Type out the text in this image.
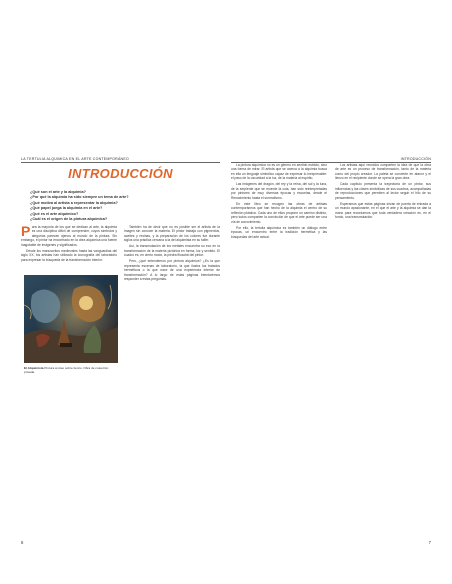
LA TERTULIA ALQUIMICA EN EL ARTE CONTEMPORÁNEO	INTRODUCCIÓN
INTRODUCCIÓN
¿Qué son el arte y la alquimia?
¿Por qué la alquimia ha sido siempre un tema de arte?
¿Qué motiva al artista a representar la alquimia?
¿Qué papel juega la alquimia en el arte?
¿Qué es el arte alquímico?
¿Cuál es el origen de la pintura alquímica?

Para la mayoría de los que se dedican al arte, la alquimia es una disciplina difícil de comprender, cuyos símbolos y alegorías parecen ajenos al mundo de la pintura. Sin embargo, el pintor ha encontrado en la obra alquímica una fuente inagotable de imágenes y significados.

Desde los manuscritos medievales hasta las vanguardias del siglo XX, los artistas han utilizado la iconografía del laboratorio para expresar la búsqueda de la transformación interior.

El Alquimista Pintura al óleo sobre lienzo. Obra de colección privada.

También ha de decir que no es posible ser el artista de la imagen sin conocer la materia. El pintor trabaja con pigmentos, aceites y resinas, y la preparación de los colores fue durante siglos una práctica cercana a la del alquimista en su taller.

Así, la transmutación de los metales encuentra su eco en la transformación de la materia pictórica en forma, luz y sentido. El cuadro es, en cierto modo, la piedra filosofal del pintor.

Pero, ¿qué entendemos por pintura alquímica? ¿Es la que representa escenas de laboratorio, la que ilustra los tratados herméticos o la que nace de una experiencia interior de transformación? A lo largo de estas páginas intentaremos responder a estas preguntas.

La pintura alquímica no es un género en sentido estricto, sino una forma de mirar. El artista que se acerca a la alquimia busca en ella un lenguaje simbólico capaz de expresar lo inexpresable: el paso de la oscuridad a la luz, de la materia al espíritu.

Las imágenes del dragón, del rey y la reina, del sol y la luna, de la serpiente que se muerde la cola, han sido reinterpretadas por pintores de muy diversas épocas y escuelas, desde el Renacimiento hasta el surrealismo.

En este libro se recogen las obras de artistas contemporáneos que han hecho de la alquimia el centro de su reflexión plástica. Cada uno de ellos propone un camino distinto, pero todos comparten la convicción de que el arte puede ser una vía de conocimiento.

Por ello, la tertulia alquímica es también un diálogo entre épocas, un encuentro entre la tradición hermética y las búsquedas del arte actual.

Los artistas aquí reunidos comparten la idea de que la obra de arte es un proceso de transformación, tanto de la materia como del propio creador. La paleta se convierte en atanor y el lienzo en el recipiente donde se opera la gran obra.

Cada capítulo presenta la trayectoria de un pintor, sus influencias y las claves simbólicas de sus cuadros, acompañadas de reproducciones que permiten al lector seguir el hilo de su pensamiento.

Esperamos que estas páginas sirvan de puerta de entrada a un mundo apasionante, en el que el arte y la alquimia se dan la mano para recordarnos que toda verdadera creación es, en el fondo, una transmutación.

6	7
